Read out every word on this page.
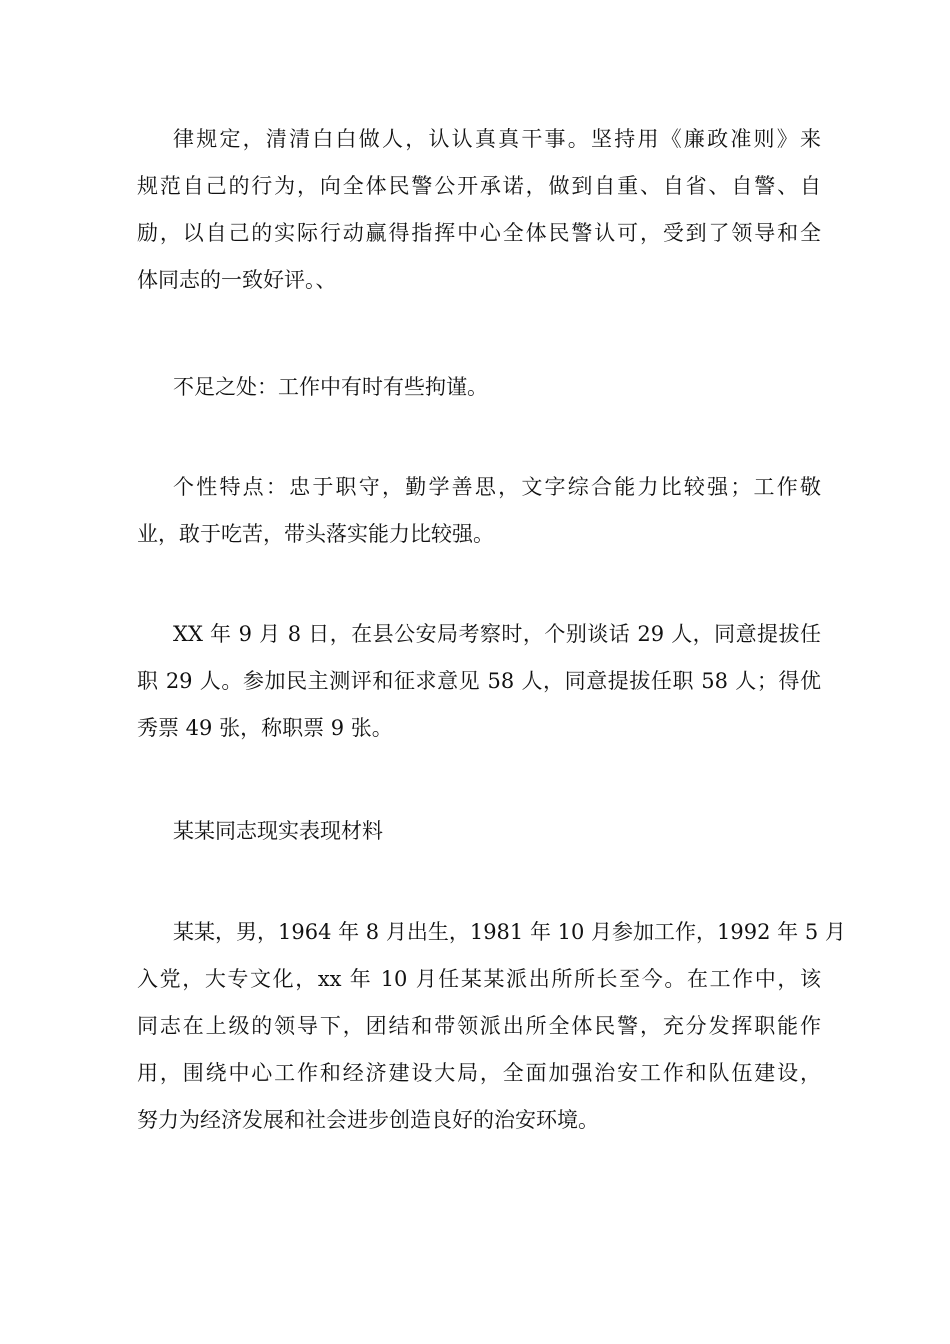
律规定，清清白白做人，认认真真干事。坚持用《廉政准则》来
规范自己的行为，向全体民警公开承诺，做到自重、自省、自警、自
励，以自己的实际行动赢得指挥中心全体民警认可，受到了领导和全
体同志的一致好评。、
不足之处：工作中有时有些拘谨。
个性特点：忠于职守，勤学善思，文字综合能力比较强；工作敬
业，敢于吃苦，带头落实能力比较强。
XX 年 9 月 8 日，在县公安局考察时，个别谈话 29 人，同意提拔任
职 29 人。参加民主测评和征求意见 58 人，同意提拔任职 58 人；得优
秀票 49 张，称职票 9 张。
某某同志现实表现材料
某某，男，1964 年 8 月出生，1981 年 10 月参加工作，1992 年 5 月
入党，大专文化，xx 年 10 月任某某派出所所长至今。在工作中，该
同志在上级的领导下，团结和带领派出所全体民警，充分发挥职能作
用，围绕中心工作和经济建设大局，全面加强治安工作和队伍建设，
努力为经济发展和社会进步创造良好的治安环境。
